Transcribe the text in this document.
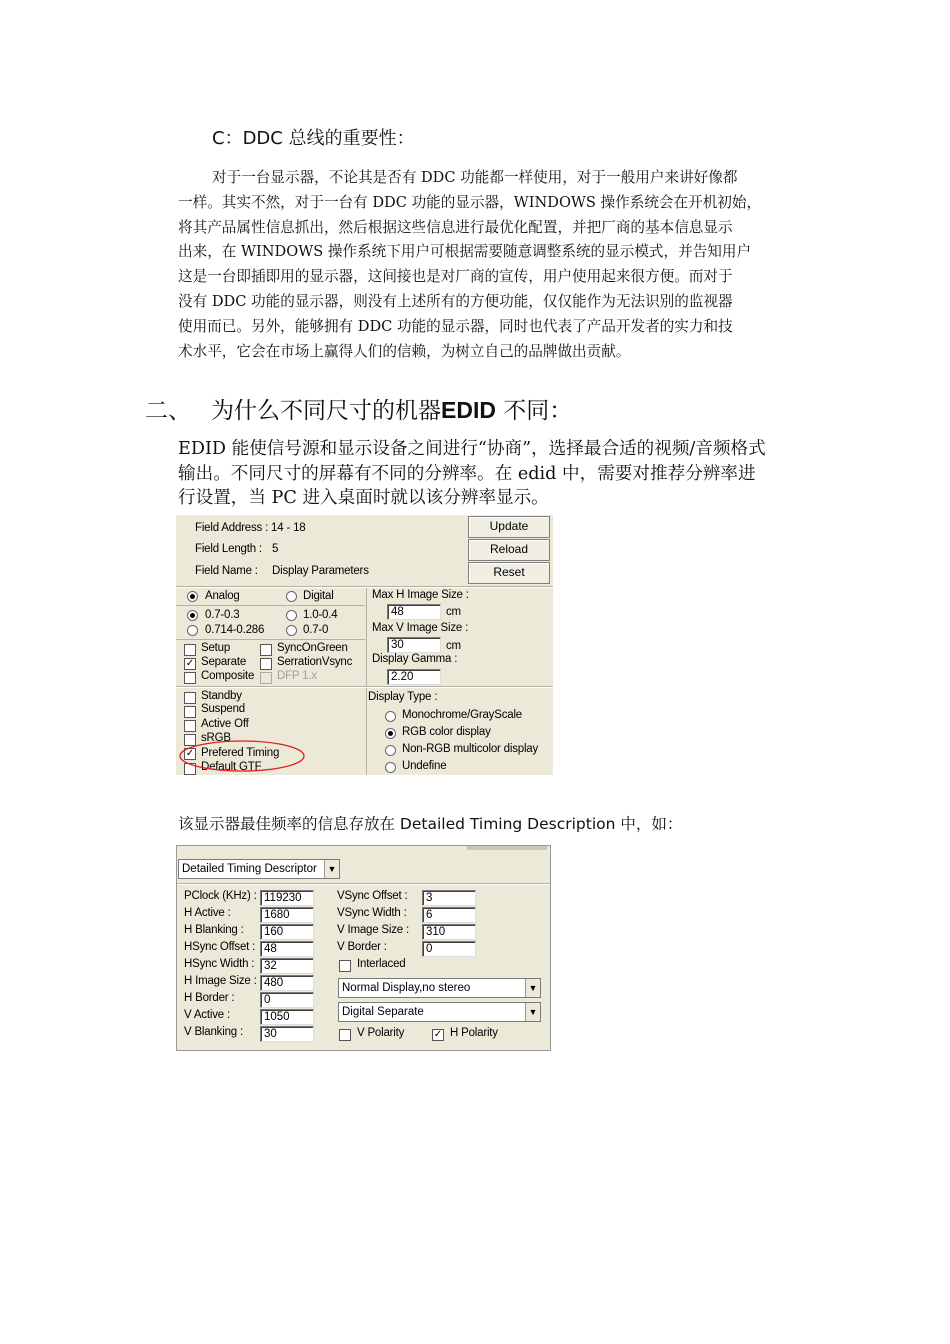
C：DDC 总线的重要性：
对于一台显示器，不论其是否有 DDC 功能都一样使用，对于一般用户来讲好像都
一样。其实不然，对于一台有 DDC 功能的显示器，WINDOWS 操作系统会在开机初始，
将其产品属性信息抓出，然后根据这些信息进行最优化配置，并把厂商的基本信息显示
出来，在 WINDOWS 操作系统下用户可根据需要随意调整系统的显示模式，并告知用户
这是一台即插即用的显示器，这间接也是对厂商的宣传，用户使用起来很方便。而对于
没有 DDC 功能的显示器，则没有上述所有的方便功能，仅仅能作为无法识别的监视器
使用而已。另外，能够拥有 DDC 功能的显示器，同时也代表了产品开发者的实力和技
术水平，它会在市场上赢得人们的信赖，为树立自己的品牌做出贡献。
二、 为什么不同尺寸的机器EDID 不同：
EDID 能使信号源和显示设备之间进行“协商”，选择最合适的视频/音频格式
输出。不同尺寸的屏幕有不同的分辨率。在 edid 中，需要对推荐分辨率进
行设置，当 PC 进入桌面时就以该分辨率显示。
Field Address : 14 - 18
Field Length : 5
Field Name : Display Parameters
Update
Reload
Reset
Analog	Digital
0.7-0.3	1.0-0.4
0.714-0.286	0.7-0
Setup	SyncOnGreen
✓ Separate	SerrationVsync
Composite DFP 1.x
Max H Image Size :
48	cm
Max V Image Size :
30	cm
Display Gamma :
2.20
Standby
Suspend
Active Off
sRGB
✓ Prefered Timing
Default GTF
Display Type :
Monochrome/GrayScale
RGB color display
Non-RGB multicolor display
Undefine
该显示器最佳频率的信息存放在 Detailed Timing Description 中，如：
Detailed Timing Descriptor	▼
PClock (KHz) : 119230
H Active :	1680
H Blanking :	160
HSync Offset : 48
HSync Width : 32
H Image Size : 480
H Border :	0
V Active :	1050
V Blanking :	30
VSync Offset :	3
VSync Width :	6
V Image Size :	310
V Border :	0
Interlaced
Normal Display,no stereo	▼
Digital Separate	▼
V Polarity	✓ H Polarity
